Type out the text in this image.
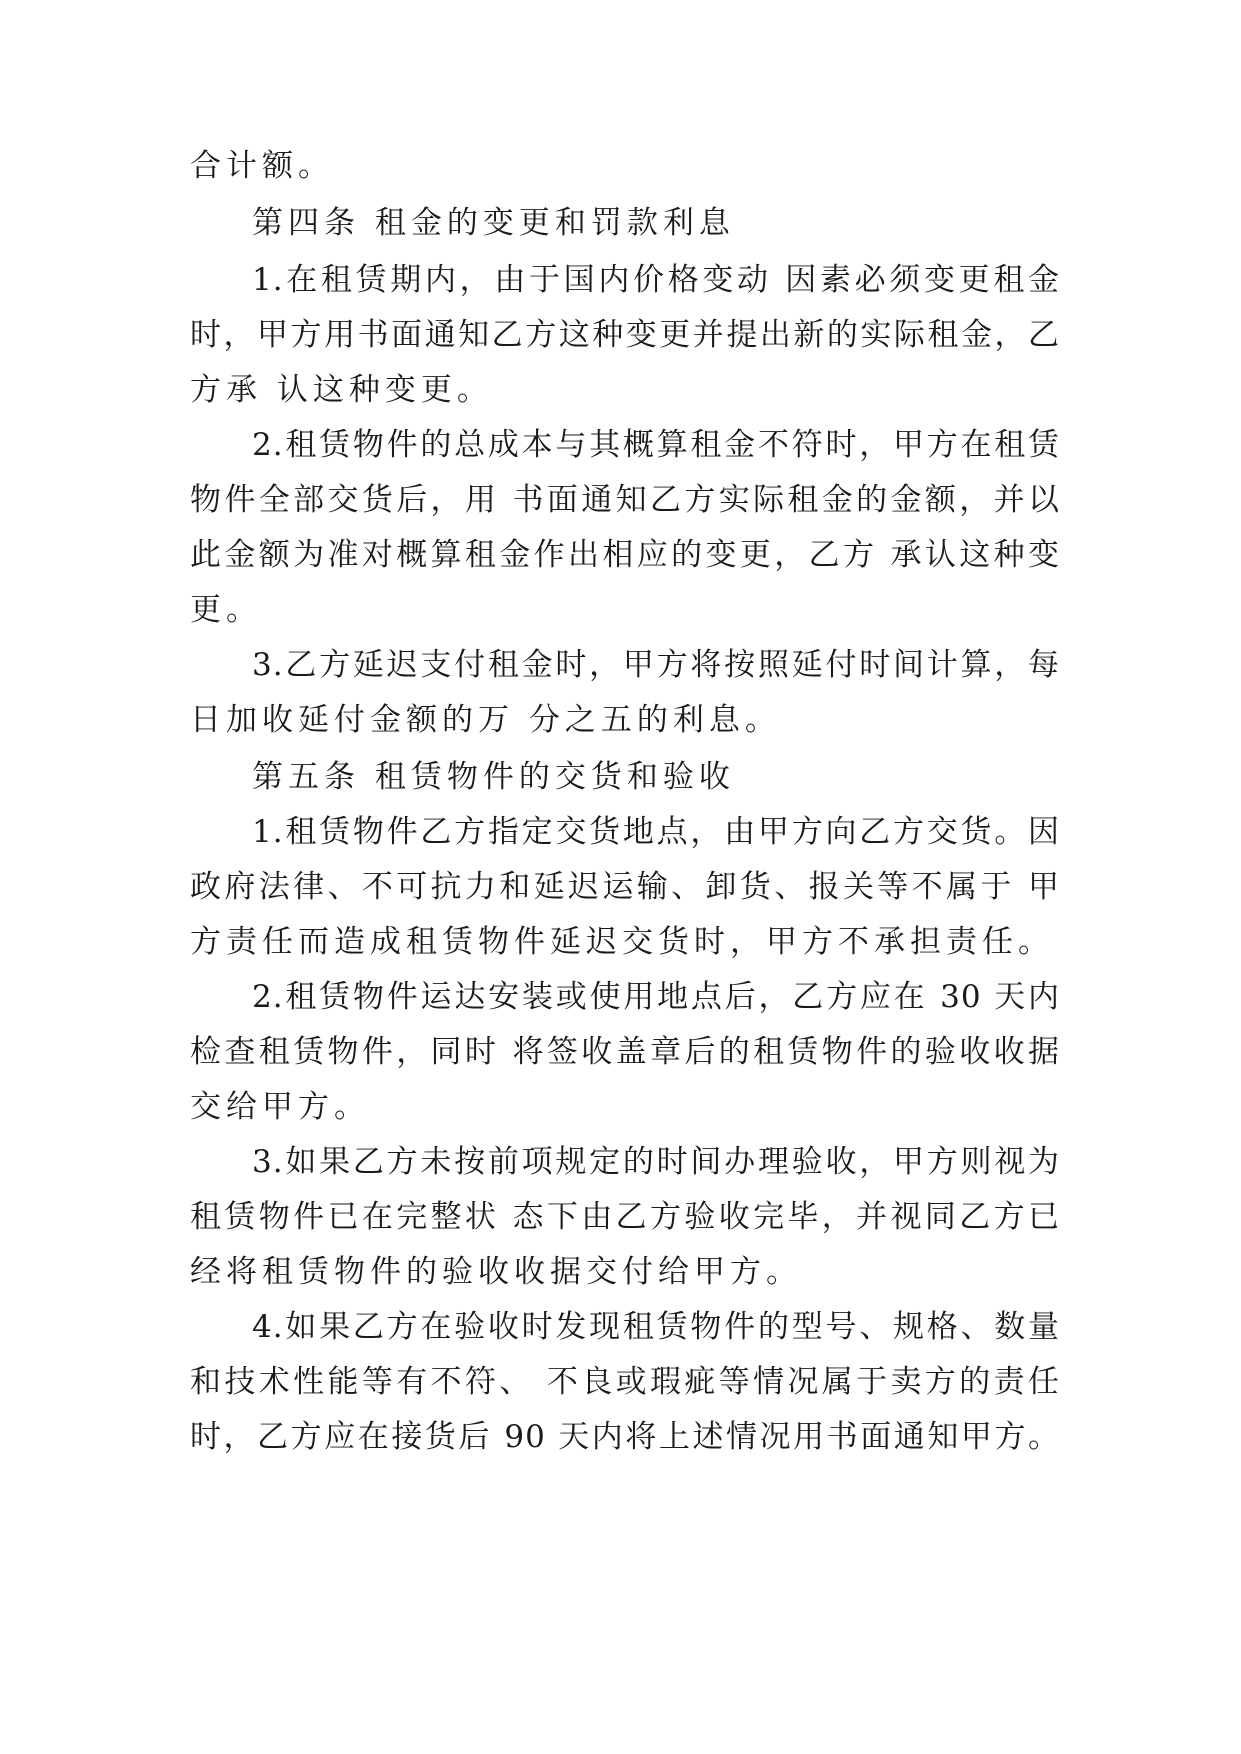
合计额。
第四条 租金的变更和罚款利息
1.在租赁期内，由于国内价格变动 因素必须变更租金
时，甲方用书面通知乙方这种变更并提出新的实际租金，乙
方承 认这种变更。
2.租赁物件的总成本与其概算租金不符时，甲方在租赁
物件全部交货后，用 书面通知乙方实际租金的金额，并以
此金额为准对概算租金作出相应的变更，乙方 承认这种变
更。
3.乙方延迟支付租金时，甲方将按照延付时间计算，每
日加收延付金额的万 分之五的利息。
第五条 租赁物件的交货和验收
1.租赁物件乙方指定交货地点，由甲方向乙方交货。因
政府法律、不可抗力和延迟运输、卸货、报关等不属于 甲
方责任而造成租赁物件延迟交货时，甲方不承担责任。
2.租赁物件运达安装或使用地点后，乙方应在 30 天内
检查租赁物件，同时 将签收盖章后的租赁物件的验收收据
交给甲方。
3.如果乙方未按前项规定的时间办理验收，甲方则视为
租赁物件已在完整状 态下由乙方验收完毕，并视同乙方已
经将租赁物件的验收收据交付给甲方。
4.如果乙方在验收时发现租赁物件的型号、规格、数量
和技术性能等有不符、 不良或瑕疵等情况属于卖方的责任
时，乙方应在接货后 90 天内将上述情况用书面通知甲方。
